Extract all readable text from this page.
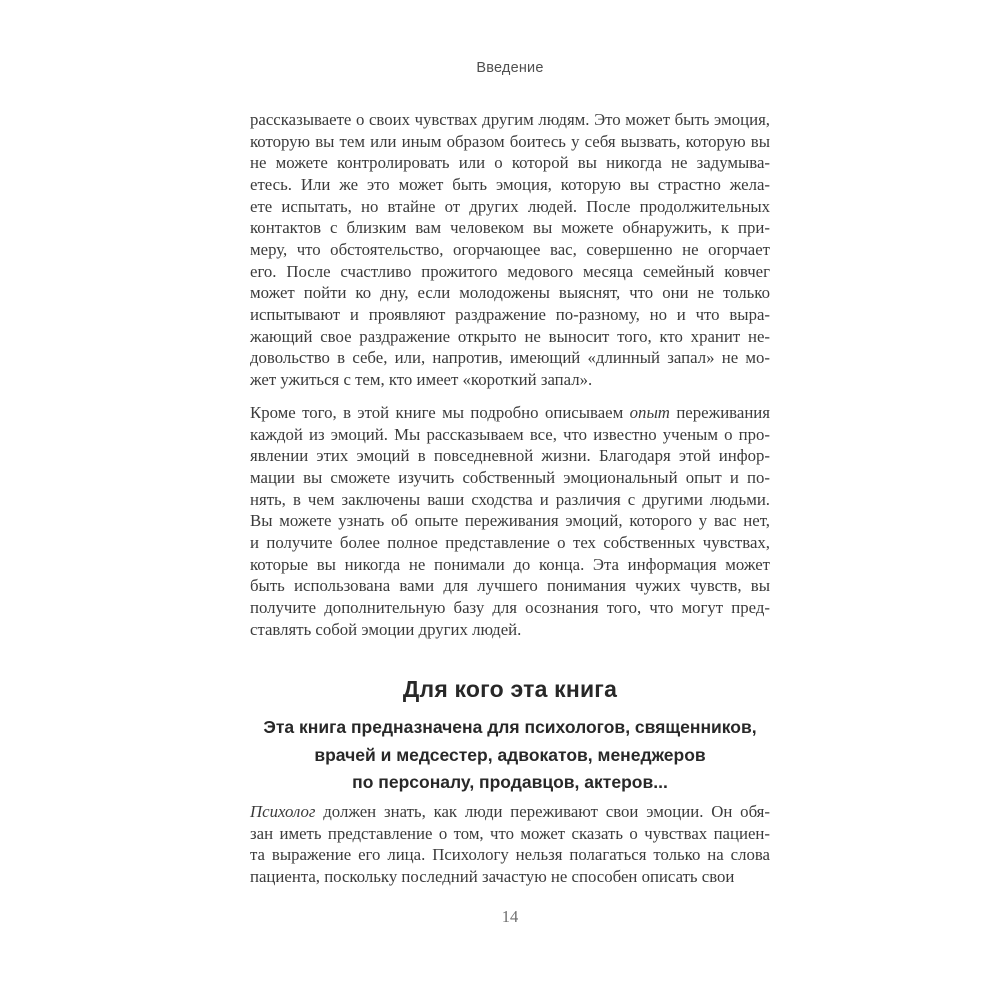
Введение
рассказываете о своих чувствах другим людям. Это может быть эмоция,
которую вы тем или иным образом боитесь у себя вызвать, которую вы
не можете контролировать или о которой вы никогда не задумыва-
етесь. Или же это может быть эмоция, которую вы страстно жела-
ете испытать, но втайне от других людей. После продолжительных
контактов с близким вам человеком вы можете обнаружить, к при-
меру, что обстоятельство, огорчающее вас, совершенно не огорчает
его. После счастливо прожитого медового месяца семейный ковчег
может пойти ко дну, если молодожены выяснят, что они не только
испытывают и проявляют раздражение по-разному, но и что выра-
жающий свое раздражение открыто не выносит того, кто хранит не-
довольство в себе, или, напротив, имеющий «длинный запал» не мо-
жет ужиться с тем, кто имеет «короткий запал».
Кроме того, в этой книге мы подробно описываем опыт переживания
каждой из эмоций. Мы рассказываем все, что известно ученым о про-
явлении этих эмоций в повседневной жизни. Благодаря этой инфор-
мации вы сможете изучить собственный эмоциональный опыт и по-
нять, в чем заключены ваши сходства и различия с другими людьми.
Вы можете узнать об опыте переживания эмоций, которого у вас нет,
и получите более полное представление о тех собственных чувствах,
которые вы никогда не понимали до конца. Эта информация может
быть использована вами для лучшего понимания чужих чувств, вы
получите дополнительную базу для осознания того, что могут пред-
ставлять собой эмоции других людей.
Для кого эта книга
Эта книга предназначена для психологов, священников,
врачей и медсестер, адвокатов, менеджеров
по персоналу, продавцов, актеров...
Психолог должен знать, как люди переживают свои эмоции. Он обя-
зан иметь представление о том, что может сказать о чувствах пациен-
та выражение его лица. Психологу нельзя полагаться только на слова
пациента, поскольку последний зачастую не способен описать свои
14
